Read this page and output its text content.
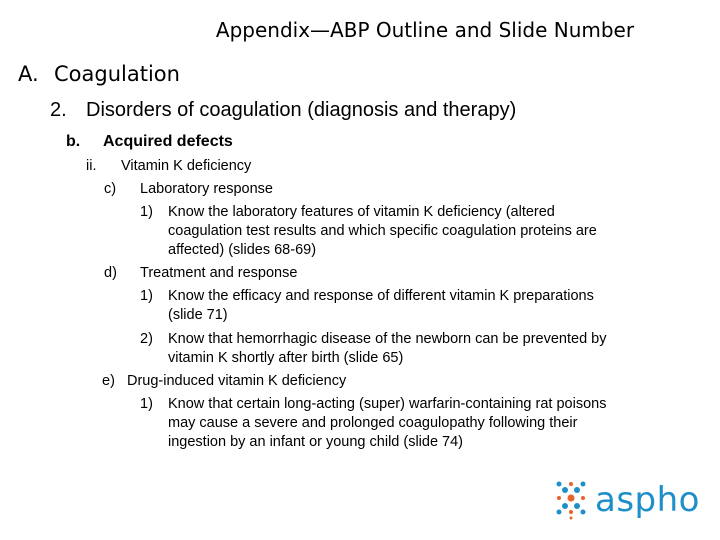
Appendix—ABP Outline and Slide Number
A. Coagulation
2. Disorders of coagulation (diagnosis and therapy)
b. Acquired defects
ii. Vitamin K deficiency
c) Laboratory response
1) Know the laboratory features of vitamin K deficiency (altered
coagulation test results and which specific coagulation proteins are
affected) (slides 68-69)
d) Treatment and response
1) Know the efficacy and response of different vitamin K preparations
(slide 71)
2) Know that hemorrhagic disease of the newborn can be prevented by
vitamin K shortly after birth (slide 65)
e) Drug-induced vitamin K deficiency
1) Know that certain long-acting (super) warfarin-containing rat poisons
may cause a severe and prolonged coagulopathy following their
ingestion by an infant or young child (slide 74)
aspho
